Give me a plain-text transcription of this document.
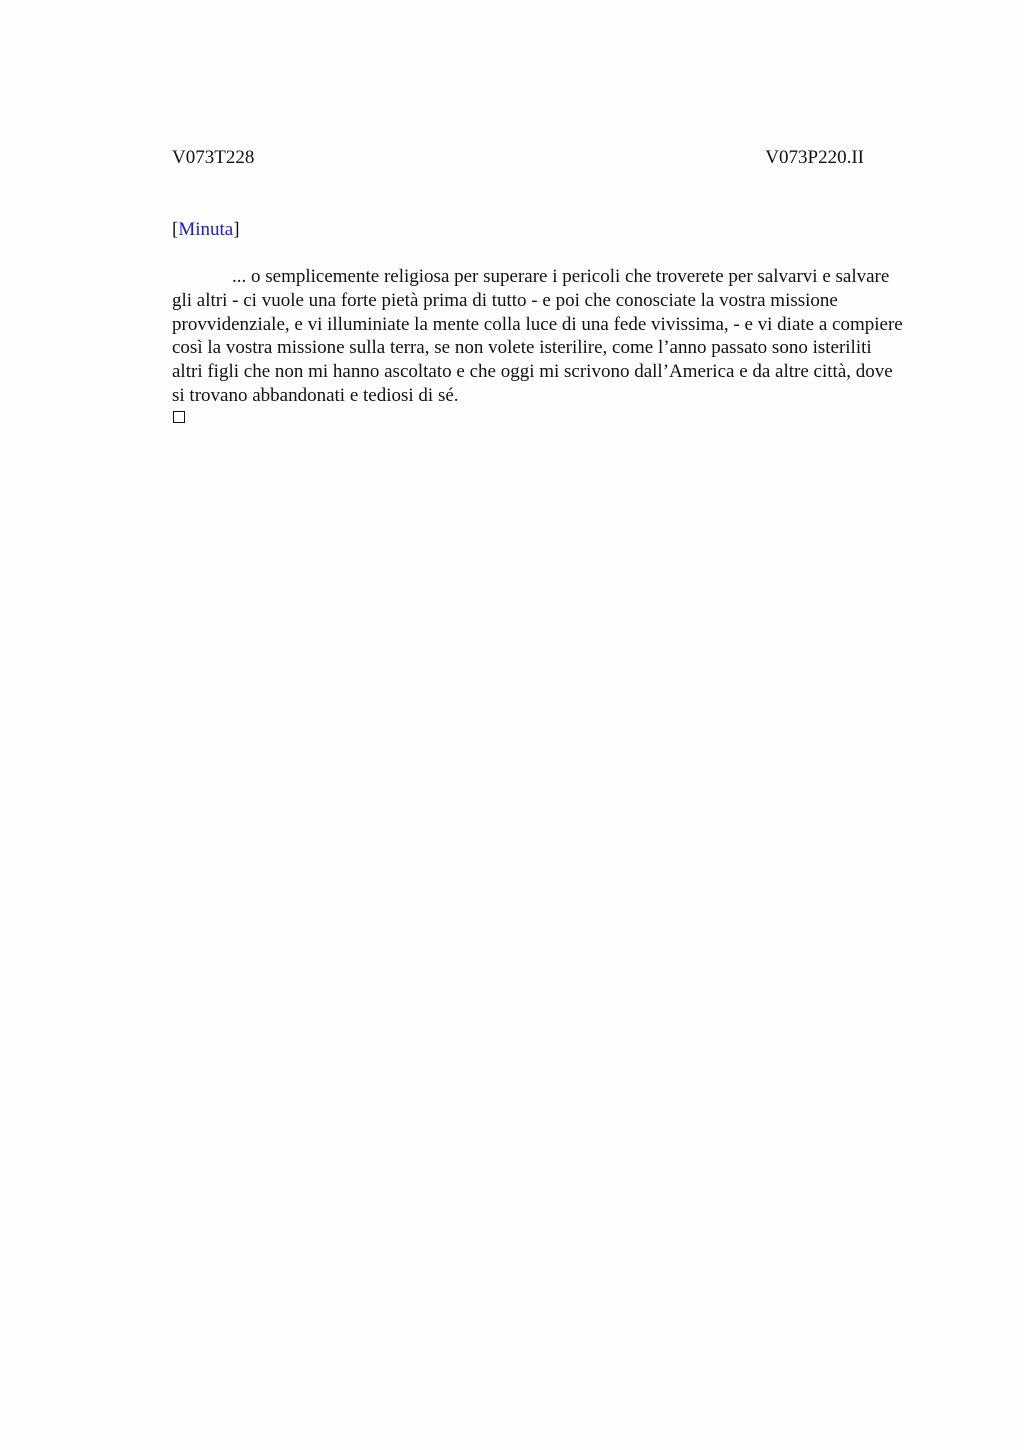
V073T228	V073P220.II
[Minuta]

... o semplicemente religiosa per superare i pericoli che troverete per salvarvi e salvare gli altri - ci vuole una forte pietà prima di tutto - e poi che conosciate la vostra missione provvidenziale, e vi illuminiate la mente colla luce di una fede vivissima, - e vi diate a compiere così la vostra missione sulla terra, se non volete isterilire, come l’anno passato sono isteriliti altri figli che non mi hanno ascoltato e che oggi mi scrivono dall’America e da altre città, dove si trovano abbandonati e tediosi di sé.
